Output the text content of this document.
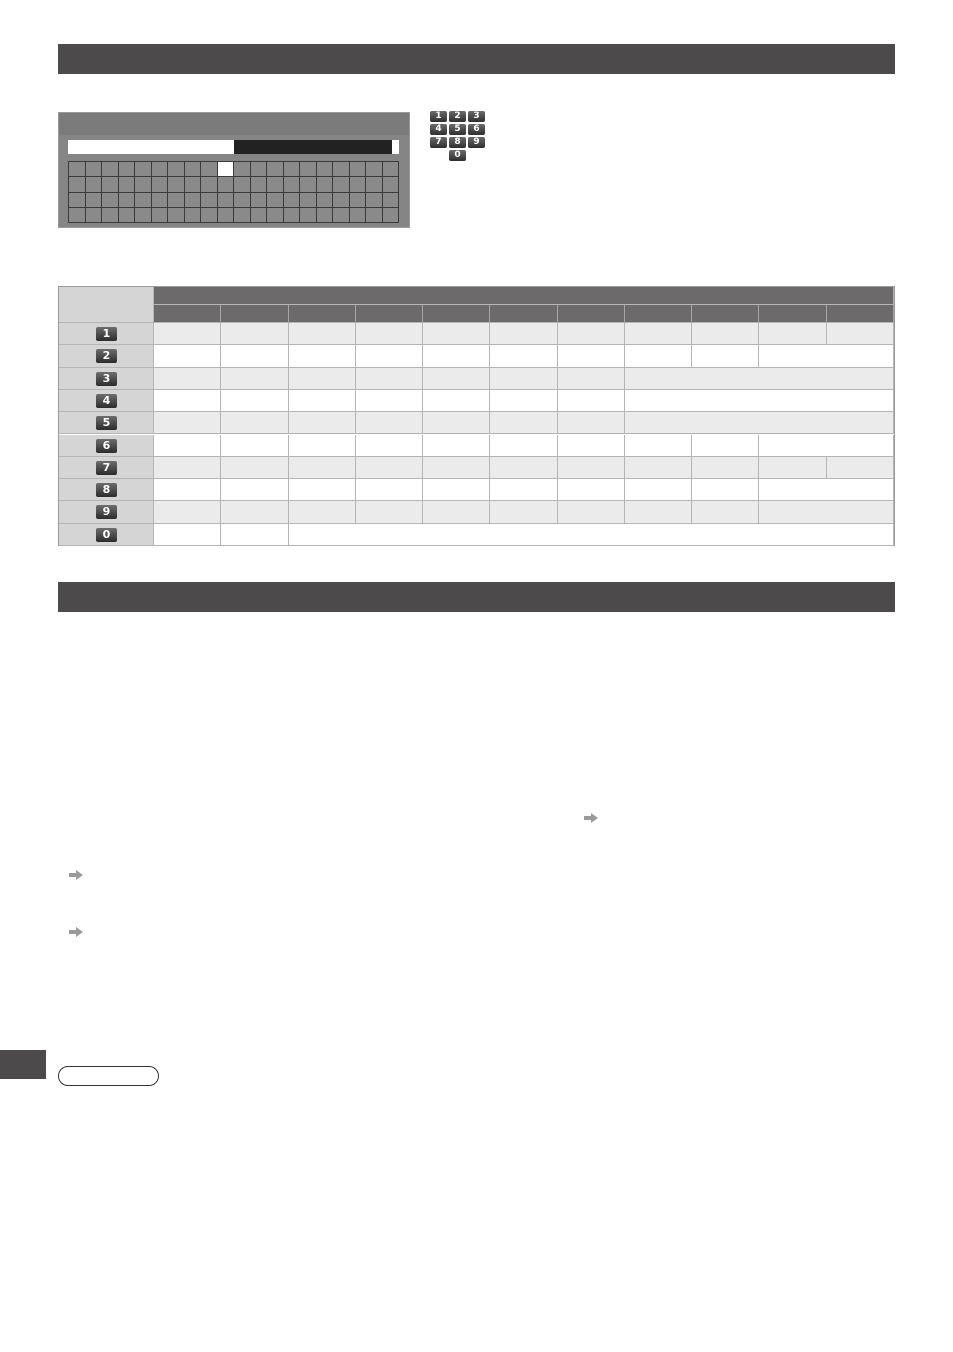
1	2	3
4	5	6
7	8	9
0
1
2
3
4
5
6
7
8
9
0
